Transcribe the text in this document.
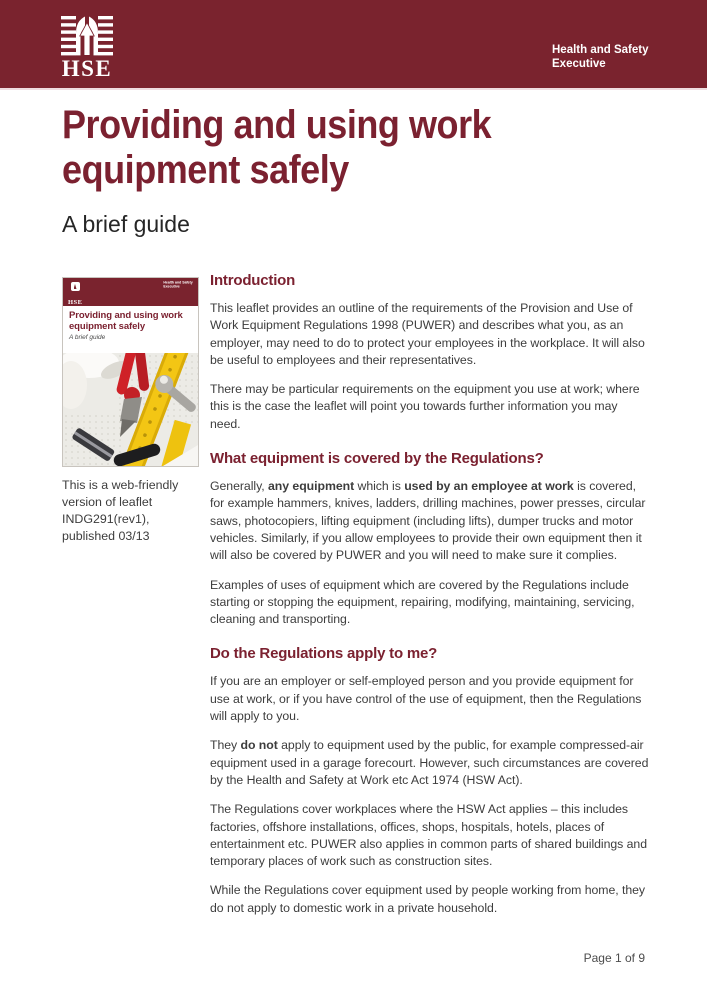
HSE
Health and Safety
Executive
Providing and using work equipment safely
A brief guide
HSE
Health and Safety
Executive
Providing and using work equipment safely
A brief guide

This is a web-friendly version of leaflet INDG291(rev1), published 03/13

Introduction

This leaflet provides an outline of the requirements of the Provision and Use of Work Equipment Regulations 1998 (PUWER) and describes what you, as an employer, may need to do to protect your employees in the workplace. It will also be useful to employees and their representatives.

There may be particular requirements on the equipment you use at work; where this is the case the leaflet will point you towards further information you may need.

What equipment is covered by the Regulations?

Generally, any equipment which is used by an employee at work is covered, for example hammers, knives, ladders, drilling machines, power presses, circular saws, photocopiers, lifting equipment (including lifts), dumper trucks and motor vehicles. Similarly, if you allow employees to provide their own equipment then it will also be covered by PUWER and you will need to make sure it complies.

Examples of uses of equipment which are covered by the Regulations include starting or stopping the equipment, repairing, modifying, maintaining, servicing, cleaning and transporting.

Do the Regulations apply to me?

If you are an employer or self-employed person and you provide equipment for use at work, or if you have control of the use of equipment, then the Regulations will apply to you.

They do not apply to equipment used by the public, for example compressed-air equipment used in a garage forecourt. However, such circumstances are covered by the Health and Safety at Work etc Act 1974 (HSW Act).

The Regulations cover workplaces where the HSW Act applies – this includes factories, offshore installations, offices, shops, hospitals, hotels, places of entertainment etc. PUWER also applies in common parts of shared buildings and temporary places of work such as construction sites.

While the Regulations cover equipment used by people working from home, they do not apply to domestic work in a private household.

Page 1 of 9
